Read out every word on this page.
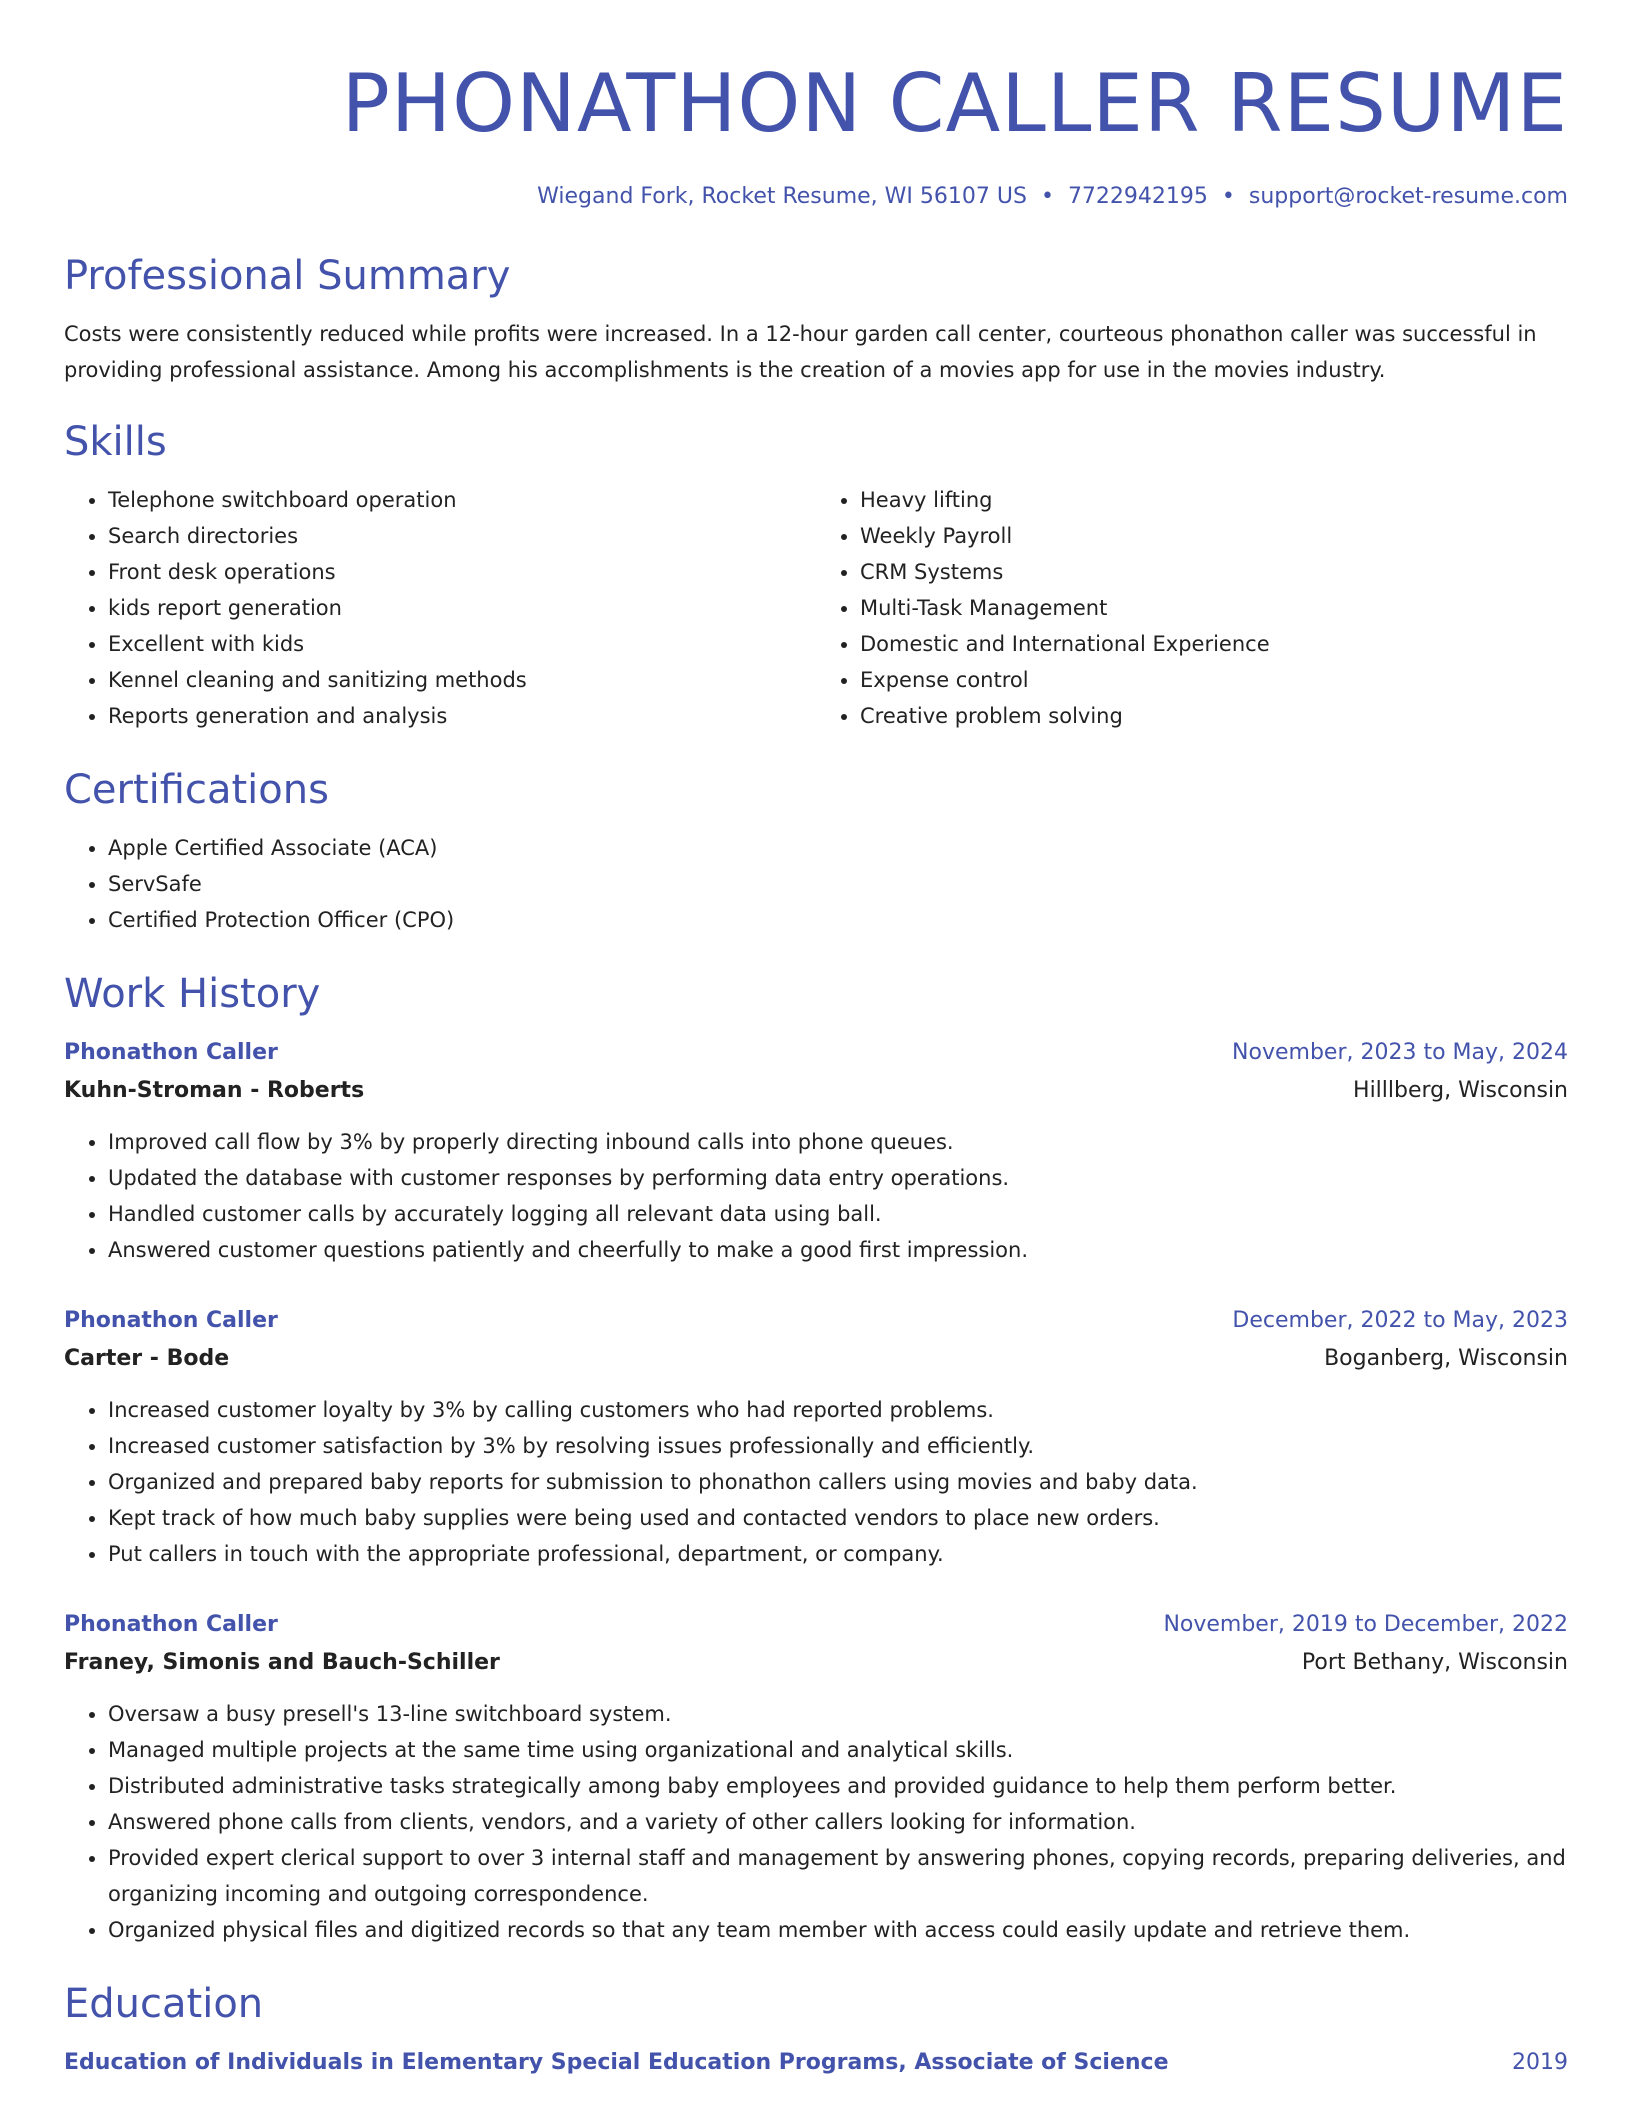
PHONATHON CALLER RESUME
Wiegand Fork, Rocket Resume, WI 56107 US • 7722942195 • support@rocket-resume.com
Professional Summary

Costs were consistently reduced while profits were increased. In a 12-hour garden call center, courteous phonathon caller was successful in providing professional assistance. Among his accomplishments is the creation of a movies app for use in the movies industry.

Skills
• Telephone switchboard operation
• Search directories
• Front desk operations
• kids report generation
• Excellent with kids
• Kennel cleaning and sanitizing methods
• Reports generation and analysis
• Heavy lifting
• Weekly Payroll
• CRM Systems
• Multi-Task Management
• Domestic and International Experience
• Expense control
• Creative problem solving
Certifications
• Apple Certified Associate (ACA)
• ServSafe
• Certified Protection Officer (CPO)
Work History
Phonathon Caller	November, 2023 to May, 2024
Kuhn-Stroman - Roberts	Hilllberg, Wisconsin
• Improved call flow by 3% by properly directing inbound calls into phone queues.
• Updated the database with customer responses by performing data entry operations.
• Handled customer calls by accurately logging all relevant data using ball.
• Answered customer questions patiently and cheerfully to make a good first impression.
Phonathon Caller	December, 2022 to May, 2023
Carter - Bode	Boganberg, Wisconsin
• Increased customer loyalty by 3% by calling customers who had reported problems.
• Increased customer satisfaction by 3% by resolving issues professionally and efficiently.
• Organized and prepared baby reports for submission to phonathon callers using movies and baby data.
• Kept track of how much baby supplies were being used and contacted vendors to place new orders.
• Put callers in touch with the appropriate professional, department, or company.
Phonathon Caller	November, 2019 to December, 2022
Franey, Simonis and Bauch-Schiller	Port Bethany, Wisconsin
• Oversaw a busy presell's 13-line switchboard system.
• Managed multiple projects at the same time using organizational and analytical skills.
• Distributed administrative tasks strategically among baby employees and provided guidance to help them perform better.
• Answered phone calls from clients, vendors, and a variety of other callers looking for information.
• Provided expert clerical support to over 3 internal staff and management by answering phones, copying records, preparing deliveries, and organizing incoming and outgoing correspondence.
• Organized physical files and digitized records so that any team member with access could easily update and retrieve them.
Education
Education of Individuals in Elementary Special Education Programs, Associate of Science	2019
